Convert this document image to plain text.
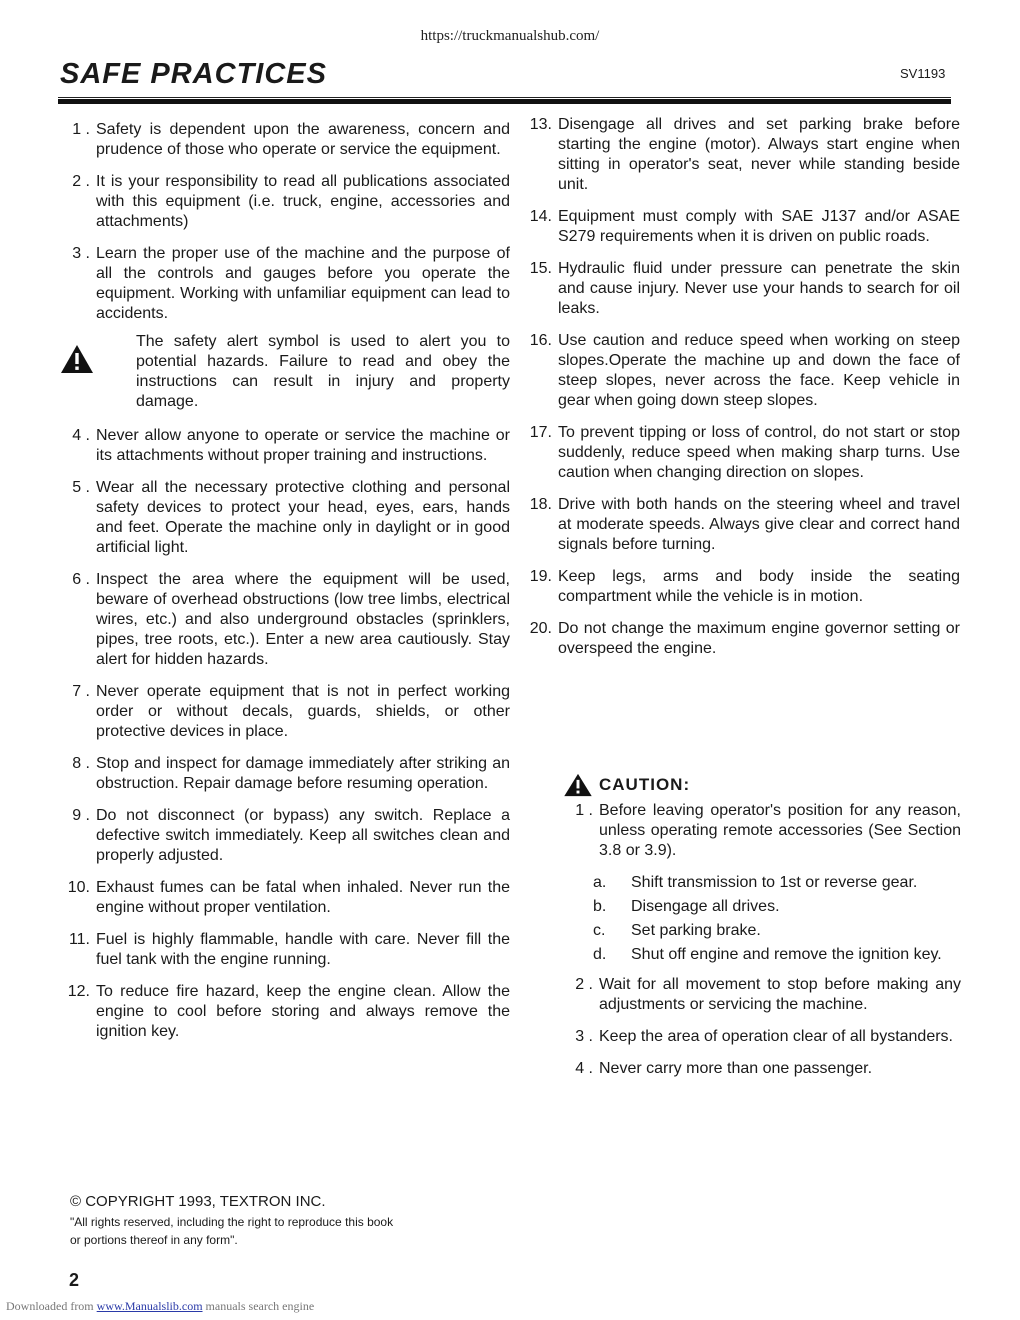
https://truckmanualshub.com/
SAFE PRACTICES	SV1193
1 . Safety is dependent upon the awareness, concern and prudence of those who operate or service the equipment.
2 . It is your responsibility to read all publications associated with this equipment (i.e. truck, engine, accessories and attachments)
3 . Learn the proper use of the machine and the purpose of all the controls and gauges before you operate the equipment. Working with unfamiliar equipment can lead to accidents.
The safety alert symbol is used to alert you to potential hazards. Failure to read and obey the instructions can result in injury and property damage.
4 . Never allow anyone to operate or service the machine or its attachments without proper training and instructions.
5 . Wear all the necessary protective clothing and personal safety devices to protect your head, eyes, ears, hands and feet. Operate the machine only in daylight or in good artificial light.
6 . Inspect the area where the equipment will be used, beware of overhead obstructions (low tree limbs, electrical wires, etc.) and also underground obstacles (sprinklers, pipes, tree roots, etc.). Enter a new area cautiously. Stay alert for hidden hazards.
7 . Never operate equipment that is not in perfect working order or without decals, guards, shields, or other protective devices in place.
8 . Stop and inspect for damage immediately after striking an obstruction. Repair damage before resuming operation.
9 . Do not disconnect (or bypass) any switch. Replace a defective switch immediately. Keep all switches clean and properly adjusted.
10. Exhaust fumes can be fatal when inhaled. Never run the engine without proper ventilation.
11. Fuel is highly flammable, handle with care. Never fill the fuel tank with the engine running.
12. To reduce fire hazard, keep the engine clean. Allow the engine to cool before storing and always remove the ignition key.
13. Disengage all drives and set parking brake before starting the engine (motor). Always start engine when sitting in operator's seat, never while standing beside unit.
14. Equipment must comply with SAE J137 and/or ASAE S279 requirements when it is driven on public roads.
15. Hydraulic fluid under pressure can penetrate the skin and cause injury. Never use your hands to search for oil leaks.
16. Use caution and reduce speed when working on steep slopes.Operate the machine up and down the face of steep slopes, never across the face. Keep vehicle in gear when going down steep slopes.
17. To prevent tipping or loss of control, do not start or stop suddenly, reduce speed when making sharp turns. Use caution when changing direction on slopes.
18. Drive with both hands on the steering wheel and travel at moderate speeds. Always give clear and correct hand signals before turning.
19. Keep legs, arms and body inside the seating compartment while the vehicle is in motion.
20. Do not change the maximum engine governor setting or overspeed the engine.
CAUTION:
1 . Before leaving operator's position for any reason, unless operating remote accessories (See Section 3.8 or 3.9).
a.	Shift transmission to 1st or reverse gear.
b.	Disengage all drives.
c.	Set parking brake.
d.	Shut off engine and remove the ignition key.
2 . Wait for all movement to stop before making any adjustments or servicing the machine.
3 . Keep the area of operation clear of all bystanders.
4 . Never carry more than one passenger.
© COPYRIGHT 1993, TEXTRON INC.
"All rights reserved, including the right to reproduce this book or portions thereof in any form".
2
Downloaded from www.Manualslib.com manuals search engine
